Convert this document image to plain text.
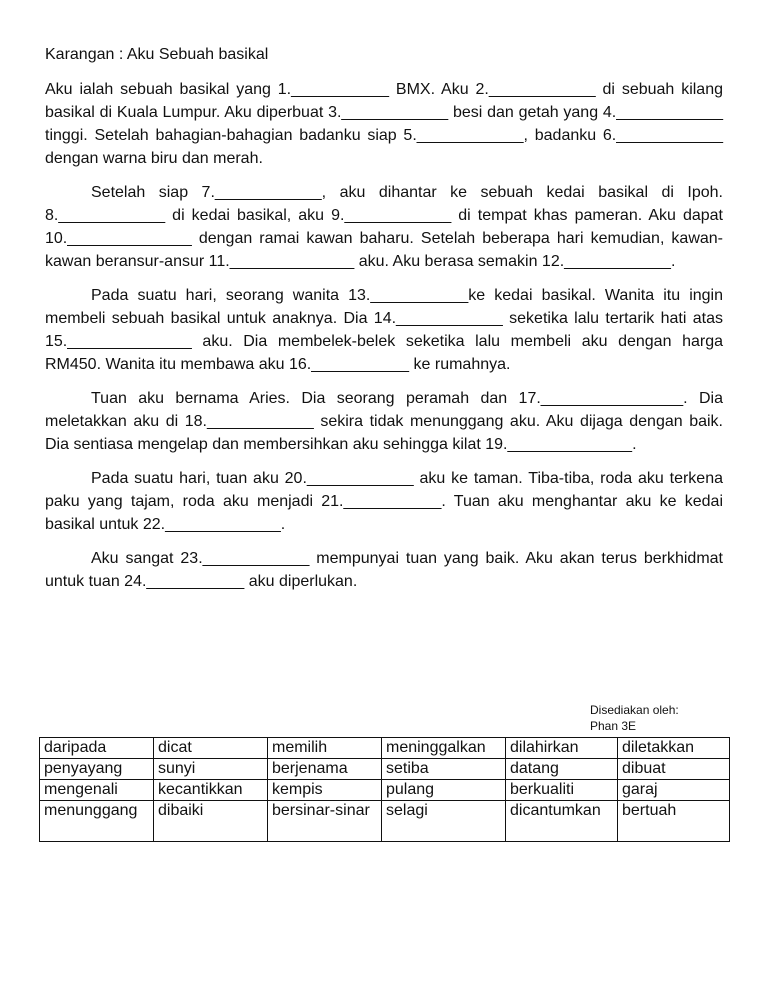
Karangan : Aku Sebuah basikal

Aku ialah sebuah basikal yang 1.___________ BMX. Aku 2.____________ di sebuah kilang basikal di Kuala Lumpur. Aku diperbuat 3.____________ besi dan getah yang 4.____________ tinggi. Setelah bahagian-bahagian badanku siap 5.____________, badanku 6.____________ dengan warna biru dan merah.

Setelah siap 7.____________, aku dihantar ke sebuah kedai basikal di Ipoh. 8.____________ di kedai basikal, aku 9.____________ di tempat khas pameran. Aku dapat 10.______________ dengan ramai kawan baharu. Setelah beberapa hari kemudian, kawan-kawan beransur-ansur 11.______________ aku. Aku berasa semakin 12.____________.

Pada suatu hari, seorang wanita 13.___________ke kedai basikal. Wanita itu ingin membeli sebuah basikal untuk anaknya. Dia 14.____________ seketika lalu tertarik hati atas 15.______________ aku. Dia membelek-belek seketika lalu membeli aku dengan harga RM450. Wanita itu membawa aku 16.___________ ke rumahnya.

Tuan aku bernama Aries. Dia seorang peramah dan 17.________________. Dia meletakkan aku di 18.____________ sekira tidak menunggang aku. Aku dijaga dengan baik. Dia sentiasa mengelap dan membersihkan aku sehingga kilat 19.______________.

Pada suatu hari, tuan aku 20.____________ aku ke taman. Tiba-tiba, roda aku terkena paku yang tajam, roda aku menjadi 21.___________. Tuan aku menghantar aku ke kedai basikal untuk 22._____________.

Aku sangat 23.____________ mempunyai tuan yang baik. Aku akan terus berkhidmat untuk tuan 24.___________ aku diperlukan.

Disediakan oleh:
Phan 3E
daripada	dicat	memilih	meninggalkan	dilahirkan	diletakkan
penyayang	sunyi	berjenama	setiba	datang	dibuat
mengenali	kecantikkan	kempis	pulang	berkualiti	garaj
menunggang	dibaiki	bersinar-sinar	selagi	dicantumkan	bertuah
